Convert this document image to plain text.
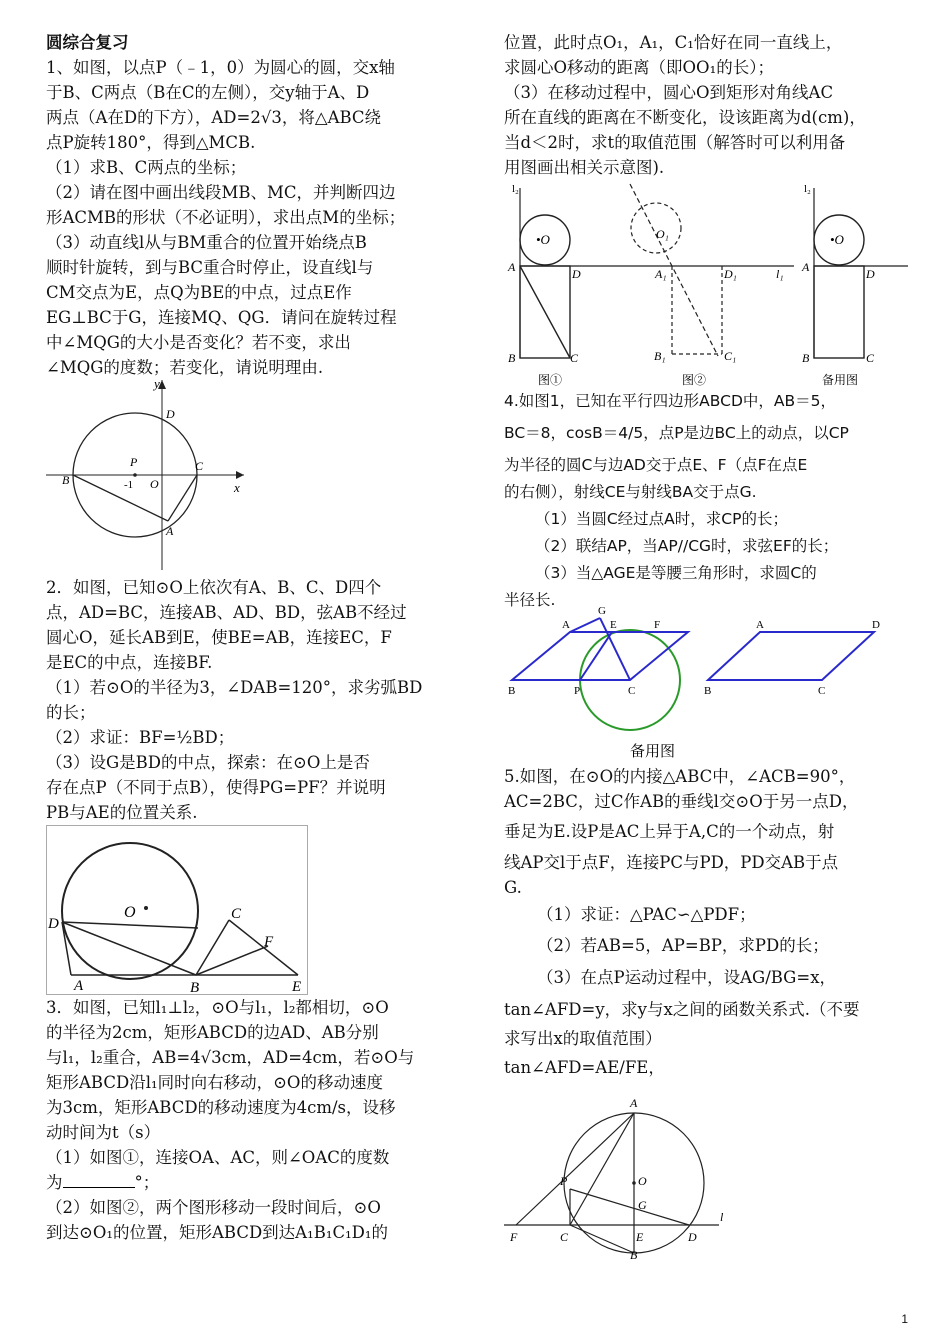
圆综合复习

1、如图，以点P（﹣1，0）为圆心的圆，交x轴

于B、C两点（B在C的左侧），交y轴于A、D

两点（A在D的下方），AD=2√3，将△ABC绕

点P旋转180°，得到△MCB.

（1）求B、C两点的坐标；

（2）请在图中画出线段MB、MC，并判断四边

形ACMB的形状（不必证明），求出点M的坐标；

（3）动直线l从与BM重合的位置开始绕点B

顺时针旋转，到与BC重合时停止，设直线l与

CM交点为E，点Q为BE的中点，过点E作

EG⊥BC于G，连接MQ、QG．请问在旋转过程

中∠MQG的大小是否变化？若不变，求出

∠MQG的度数；若变化，请说明理由.

y
x
D
P
-1 O
C
B
A

2．如图，已知⊙O上依次有A、B、C、D四个

点，AD=BC，连接AB、AD、BD，弦AB不经过

圆心O，延长AB到E，使BE=AB，连接EC，F

是EC的中点，连接BF.

（1）若⊙O的半径为3，∠DAB=120°，求劣弧BD

的长；

（2）求证：BF=½BD；

（3）设G是BD的中点，探索：在⊙O上是否

存在点P（不同于点B），使得PG=PF？并说明

PB与AE的位置关系.

O
D
C
F
A	B	E

3．如图，已知l₁⊥l₂，⊙O与l₁，l₂都相切，⊙O

的半径为2cm，矩形ABCD的边AD、AB分别

与l₁，l₂重合，AB=4√3cm，AD=4cm，若⊙O与

矩形ABCD沿l₁同时向右移动，⊙O的移动速度

为3cm，矩形ABCD的移动速度为4cm/s，设移

动时间为t（s）

（1）如图①，连接OA、AC，则∠OAC的度数

为	°；

（2）如图②，两个图形移动一段时间后，⊙O

到达⊙O₁的位置，矩形ABCD到达A₁B₁C₁D₁的

位置，此时点O₁，A₁，C₁恰好在同一直线上，

求圆心O移动的距离（即OO₁的长）；

（3）在移动过程中，圆心O到矩形对角线AC

所在直线的距离在不断变化，设该距离为d(cm)，

当d＜2时，求t的取值范围（解答时可以利用备

用图画出相关示意图).

l₂
•O
A	D
B	C
图①
O₁
A₁	D₁	l₁
B₁	C₁
图②
l₂
•O
A	D
B	C
备用图

4.如图1，已知在平行四边形ABCD中，AB＝5，

BC＝8，cosB＝4/5，点P是边BC上的动点，以CP

为半径的圆C与边AD交于点E、F（点F在点E

的右侧），射线CE与射线BA交于点G.

（1）当圆C经过点A时，求CP的长；

（2）联结AP，当AP//CG时，求弦EF的长；

（3）当△AGE是等腰三角形时，求圆C的

半径长.

G
A	E	F
B	P	C
A	D
B	C
备用图

5.如图，在⊙O的内接△ABC中，∠ACB=90°，

AC=2BC，过C作AB的垂线l交⊙O于另一点D，

垂足为E.设P是AC上异于A,C的一个动点，射

线AP交l于点F，连接PC与PD，PD交AB于点

G.

（1）求证：△PAC∽△PDF；

（2）若AB=5，AP=BP，求PD的长；

（3）在点P运动过程中，设AG/BG=x，

tan∠AFD=y，求y与x之间的函数关系式.（不要

求写出x的取值范围）

tan∠AFD=AE/FE，

A
O
P
G
l
F	C	E	D
B
1
